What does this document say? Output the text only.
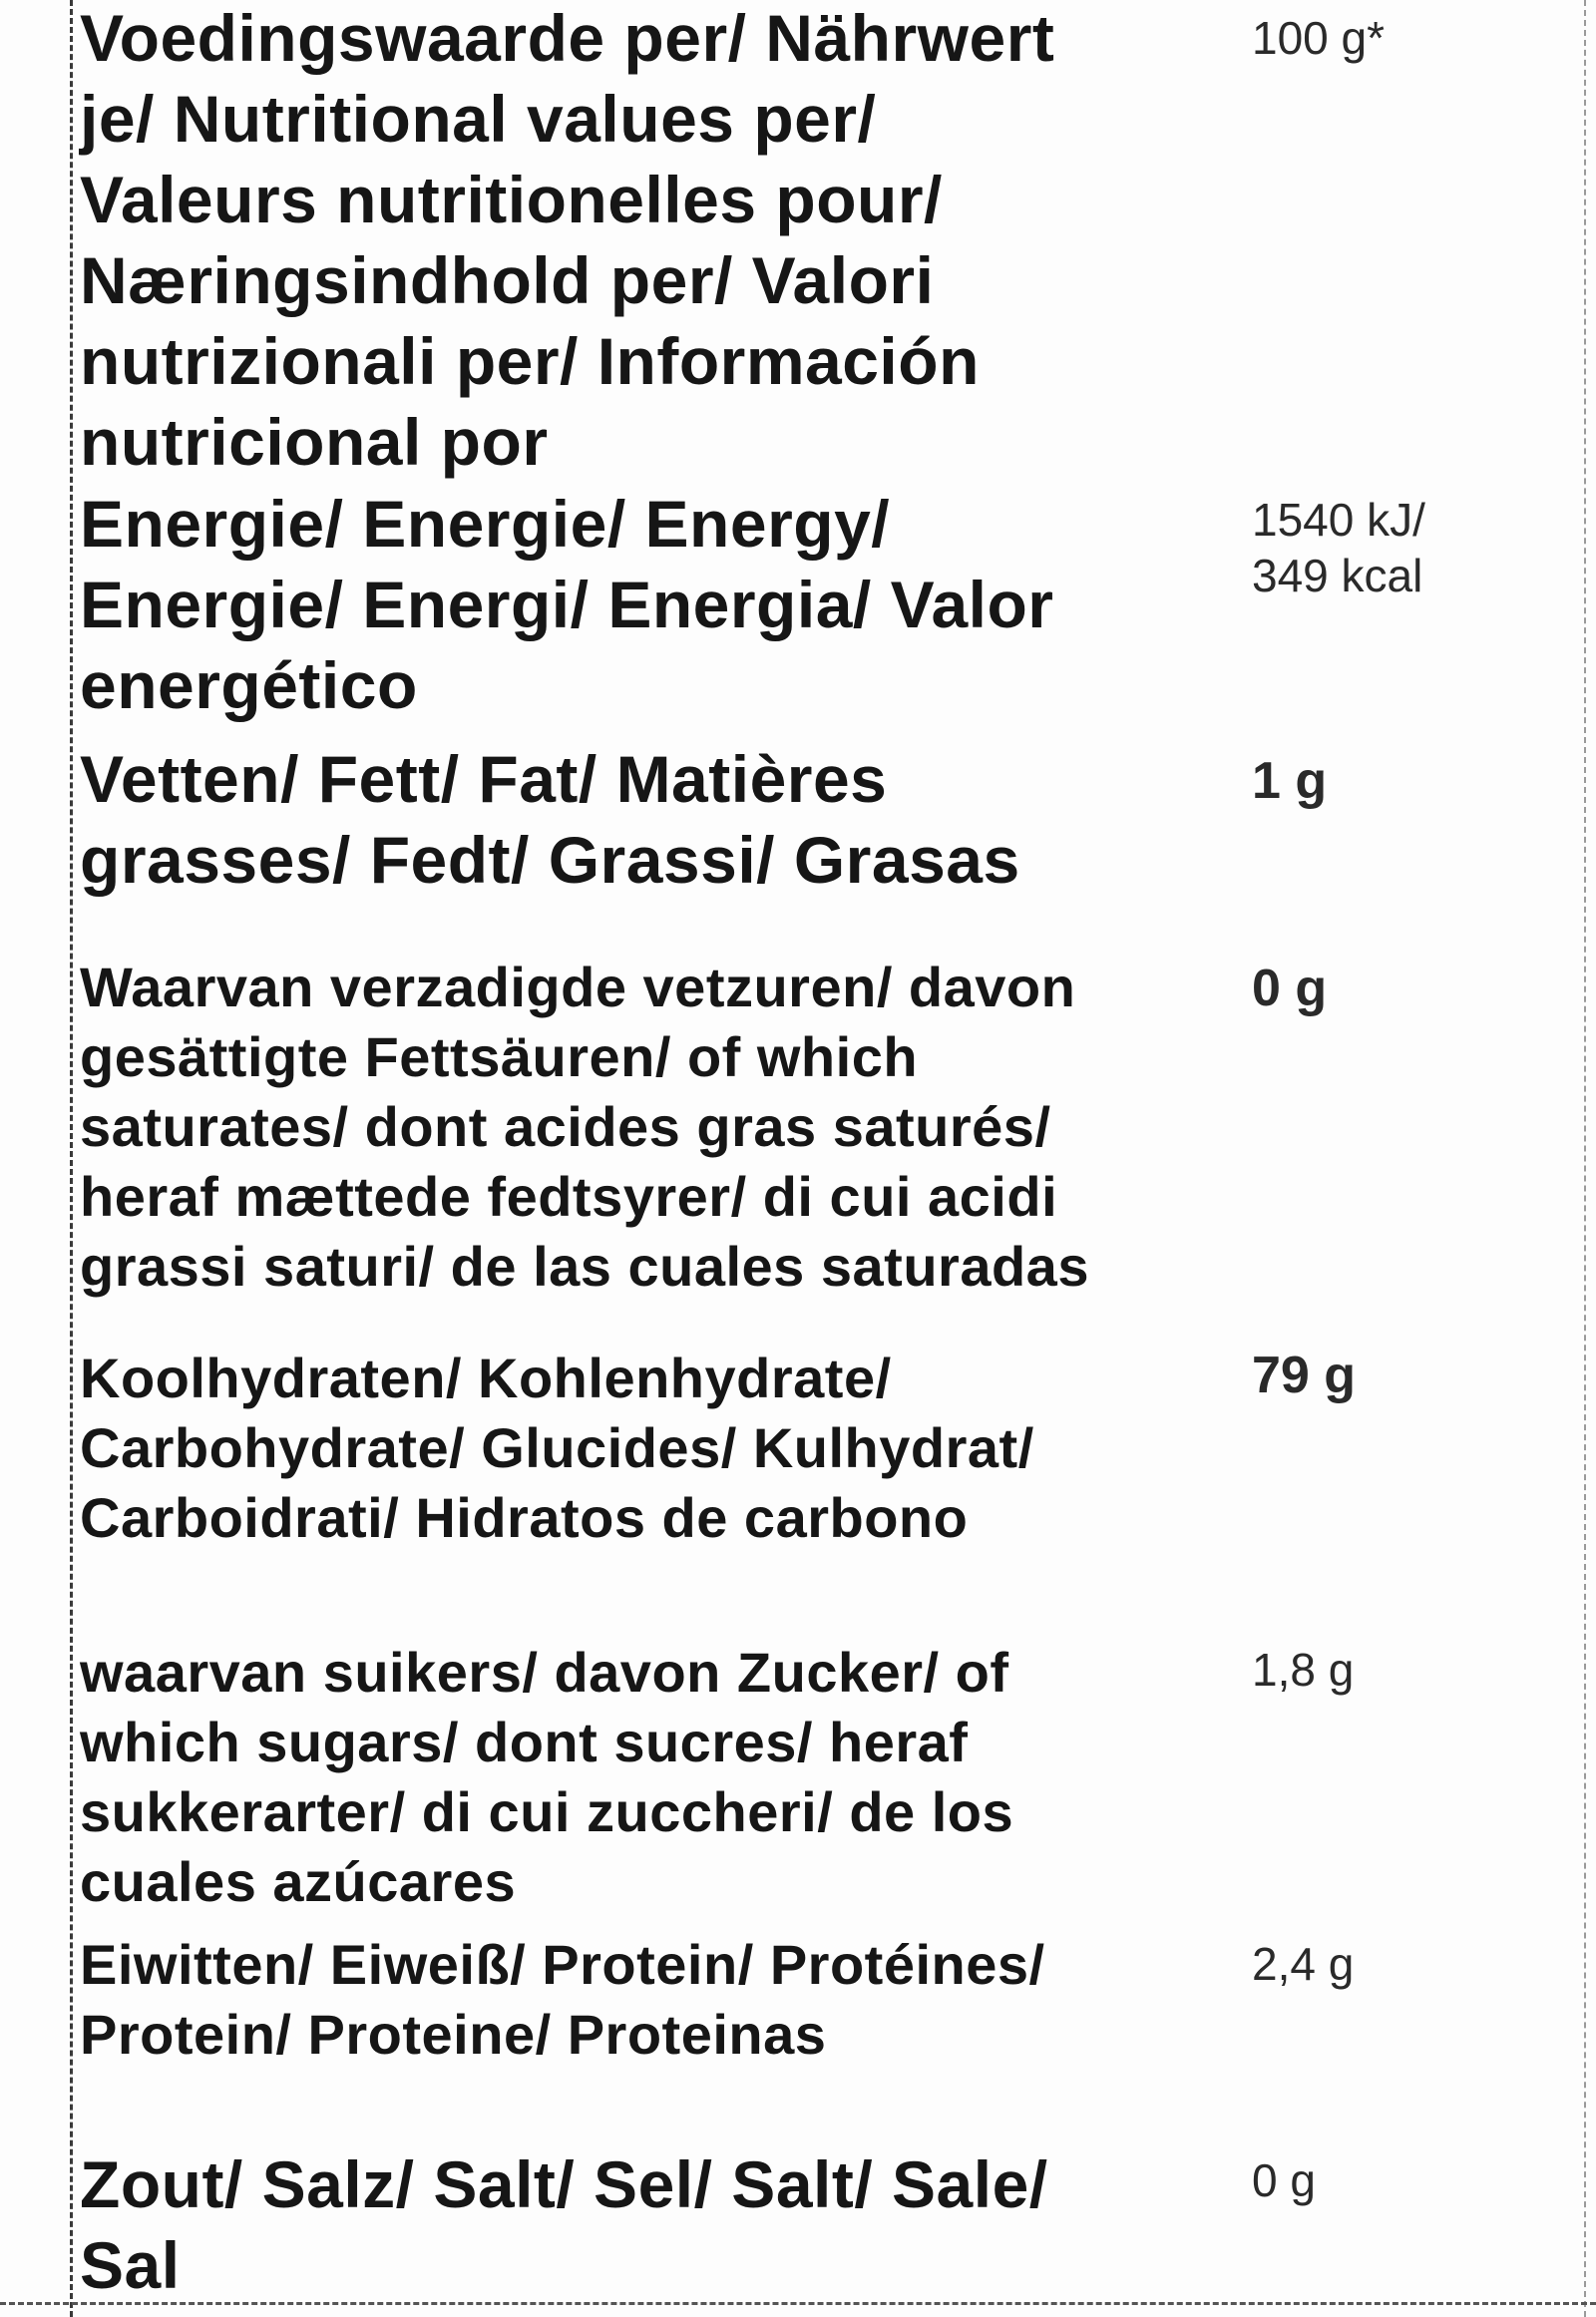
Voedingswaarde per/ Nährwert
je/ Nutritional values per/
Valeurs nutritionelles pour/
Næringsindhold per/ Valori
nutrizionali per/ Información
nutricional por
100 g*
Energie/ Energie/ Energy/
Energie/ Energi/ Energia/ Valor
energético
1540 kJ/
349 kcal
Vetten/ Fett/ Fat/ Matières
grasses/ Fedt/ Grassi/ Grasas
1 g
Waarvan verzadigde vetzuren/ davon
gesättigte Fettsäuren/ of which
saturates/ dont acides gras saturés/
heraf mættede fedtsyrer/ di cui acidi
grassi saturi/ de las cuales saturadas
0 g
Koolhydraten/ Kohlenhydrate/
Carbohydrate/ Glucides/ Kulhydrat/
Carboidrati/ Hidratos de carbono
79 g
waarvan suikers/ davon Zucker/ of
which sugars/ dont sucres/ heraf
sukkerarter/ di cui zuccheri/ de los
cuales azúcares
1,8 g
Eiwitten/ Eiweiß/ Protein/ Protéines/
Protein/ Proteine/ Proteinas
2,4 g
Zout/ Salz/ Salt/ Sel/ Salt/ Sale/
Sal
0 g
